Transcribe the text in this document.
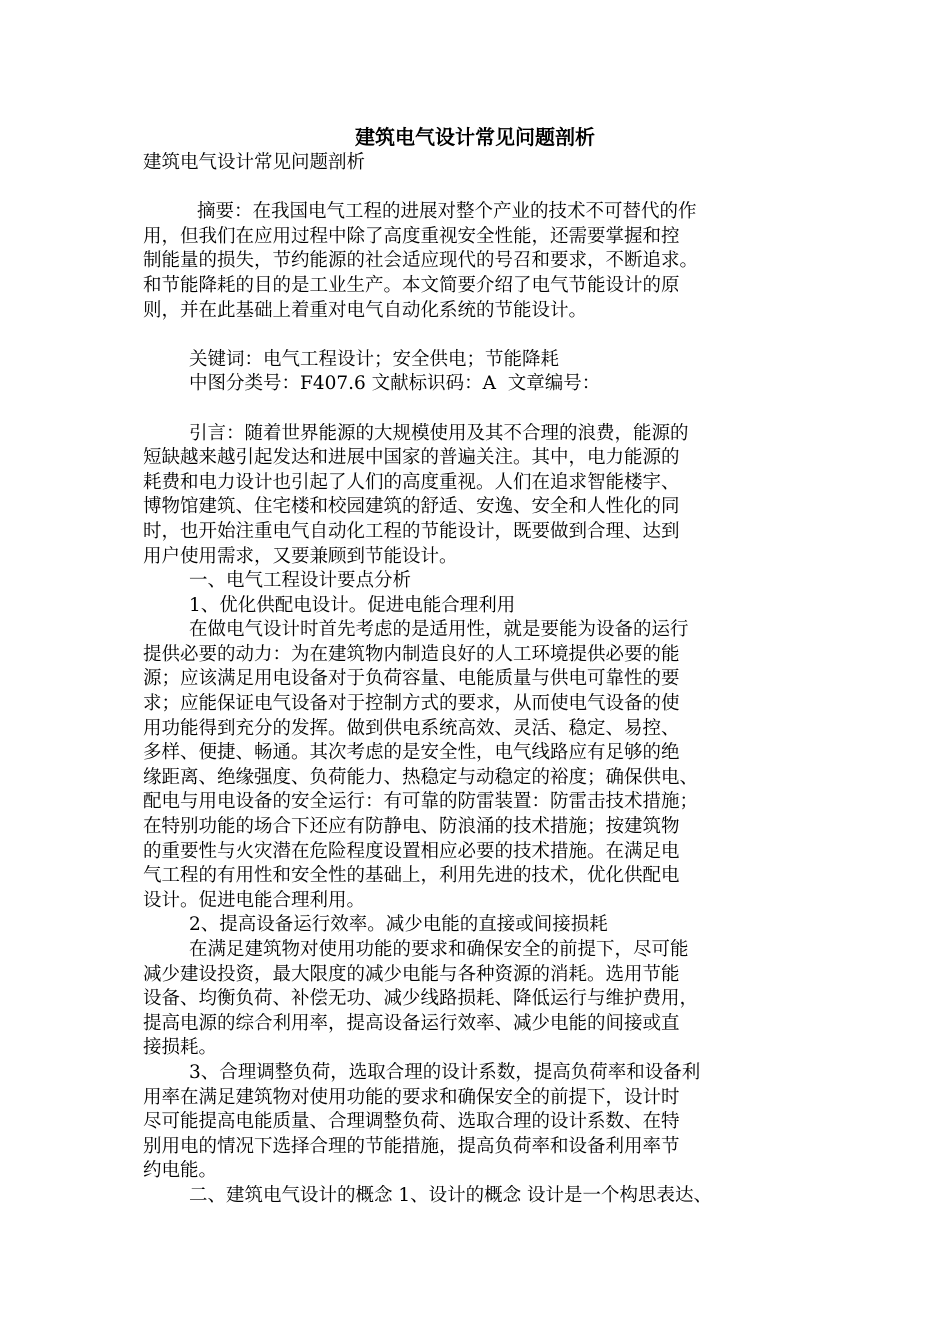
建筑电气设计常见问题剖析

建筑电气设计常见问题剖析

摘要：在我国电气工程的进展对整个产业的技术不可替代的作

用，但我们在应用过程中除了高度重视安全性能，还需要掌握和控

制能量的损失，节约能源的社会适应现代的号召和要求，不断追求。

和节能降耗的目的是工业生产。本文简要介绍了电气节能设计的原

则，并在此基础上着重对电气自动化系统的节能设计。

关键词：电气工程设计；安全供电；节能降耗

中图分类号：F407.6 文献标识码：A  文章编号：

引言：随着世界能源的大规模使用及其不合理的浪费，能源的

短缺越来越引起发达和进展中国家的普遍关注。其中，电力能源的

耗费和电力设计也引起了人们的高度重视。人们在追求智能楼宇、

博物馆建筑、住宅楼和校园建筑的舒适、安逸、安全和人性化的同

时，也开始注重电气自动化工程的节能设计，既要做到合理、达到

用户使用需求，又要兼顾到节能设计。

一、电气工程设计要点分析

1、优化供配电设计。促进电能合理利用

在做电气设计时首先考虑的是适用性，就是要能为设备的运行

提供必要的动力：为在建筑物内制造良好的人工环境提供必要的能

源；应该满足用电设备对于负荷容量、电能质量与供电可靠性的要

求；应能保证电气设备对于控制方式的要求，从而使电气设备的使

用功能得到充分的发挥。做到供电系统高效、灵活、稳定、易控、

多样、便捷、畅通。其次考虑的是安全性，电气线路应有足够的绝

缘距离、绝缘强度、负荷能力、热稳定与动稳定的裕度；确保供电、

配电与用电设备的安全运行：有可靠的防雷装置：防雷击技术措施；

在特别功能的场合下还应有防静电、防浪涌的技术措施；按建筑物

的重要性与火灾潜在危险程度设置相应必要的技术措施。在满足电

气工程的有用性和安全性的基础上，利用先进的技术，优化供配电

设计。促进电能合理利用。

2、提高设备运行效率。减少电能的直接或间接损耗

在满足建筑物对使用功能的要求和确保安全的前提下，尽可能

减少建设投资，最大限度的减少电能与各种资源的消耗。选用节能

设备、均衡负荷、补偿无功、减少线路损耗、降低运行与维护费用，

提高电源的综合利用率，提高设备运行效率、减少电能的间接或直

接损耗。

3、合理调整负荷，选取合理的设计系数，提高负荷率和设备利

用率在满足建筑物对使用功能的要求和确保安全的前提下，设计时

尽可能提高电能质量、合理调整负荷、选取合理的设计系数、在特

别用电的情况下选择合理的节能措施，提高负荷率和设备利用率节

约电能。

二、建筑电气设计的概念 1、设计的概念 设计是一个构思表达、
